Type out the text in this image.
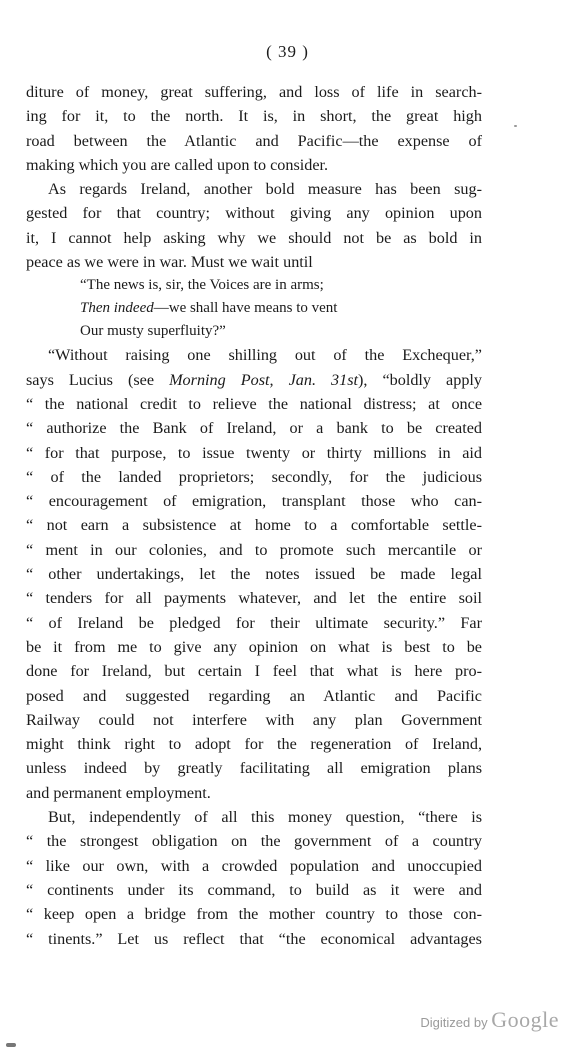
( 39 )
diture of money, great suffering, and loss of life in search-
ing for it, to the north. It is, in short, the great high
road between the Atlantic and Pacific—the expense of
making which you are called upon to consider.
As regards Ireland, another bold measure has been sug-
gested for that country; without giving any opinion upon
it, I cannot help asking why we should not be as bold in
peace as we were in war. Must we wait until
“The news is, sir, the Voices are in arms;
Then indeed—we shall have means to vent
Our musty superfluity?”
“Without raising one shilling out of the Exchequer,”
says Lucius (see Morning Post, Jan. 31st), “boldly apply
“ the national credit to relieve the national distress; at once
“ authorize the Bank of Ireland, or a bank to be created
“ for that purpose, to issue twenty or thirty millions in aid
“ of the landed proprietors; secondly, for the judicious
“ encouragement of emigration, transplant those who can-
“ not earn a subsistence at home to a comfortable settle-
“ ment in our colonies, and to promote such mercantile or
“ other undertakings, let the notes issued be made legal
“ tenders for all payments whatever, and let the entire soil
“ of Ireland be pledged for their ultimate security.” Far
be it from me to give any opinion on what is best to be
done for Ireland, but certain I feel that what is here pro-
posed and suggested regarding an Atlantic and Pacific
Railway could not interfere with any plan Government
might think right to adopt for the regeneration of Ireland,
unless indeed by greatly facilitating all emigration plans
and permanent employment.
But, independently of all this money question, “there is
“ the strongest obligation on the government of a country
“ like our own, with a crowded population and unoccupied
“ continents under its command, to build as it were and
“ keep open a bridge from the mother country to those con-
“ tinents.” Let us reflect that “the economical advantages
Digitized by Google
